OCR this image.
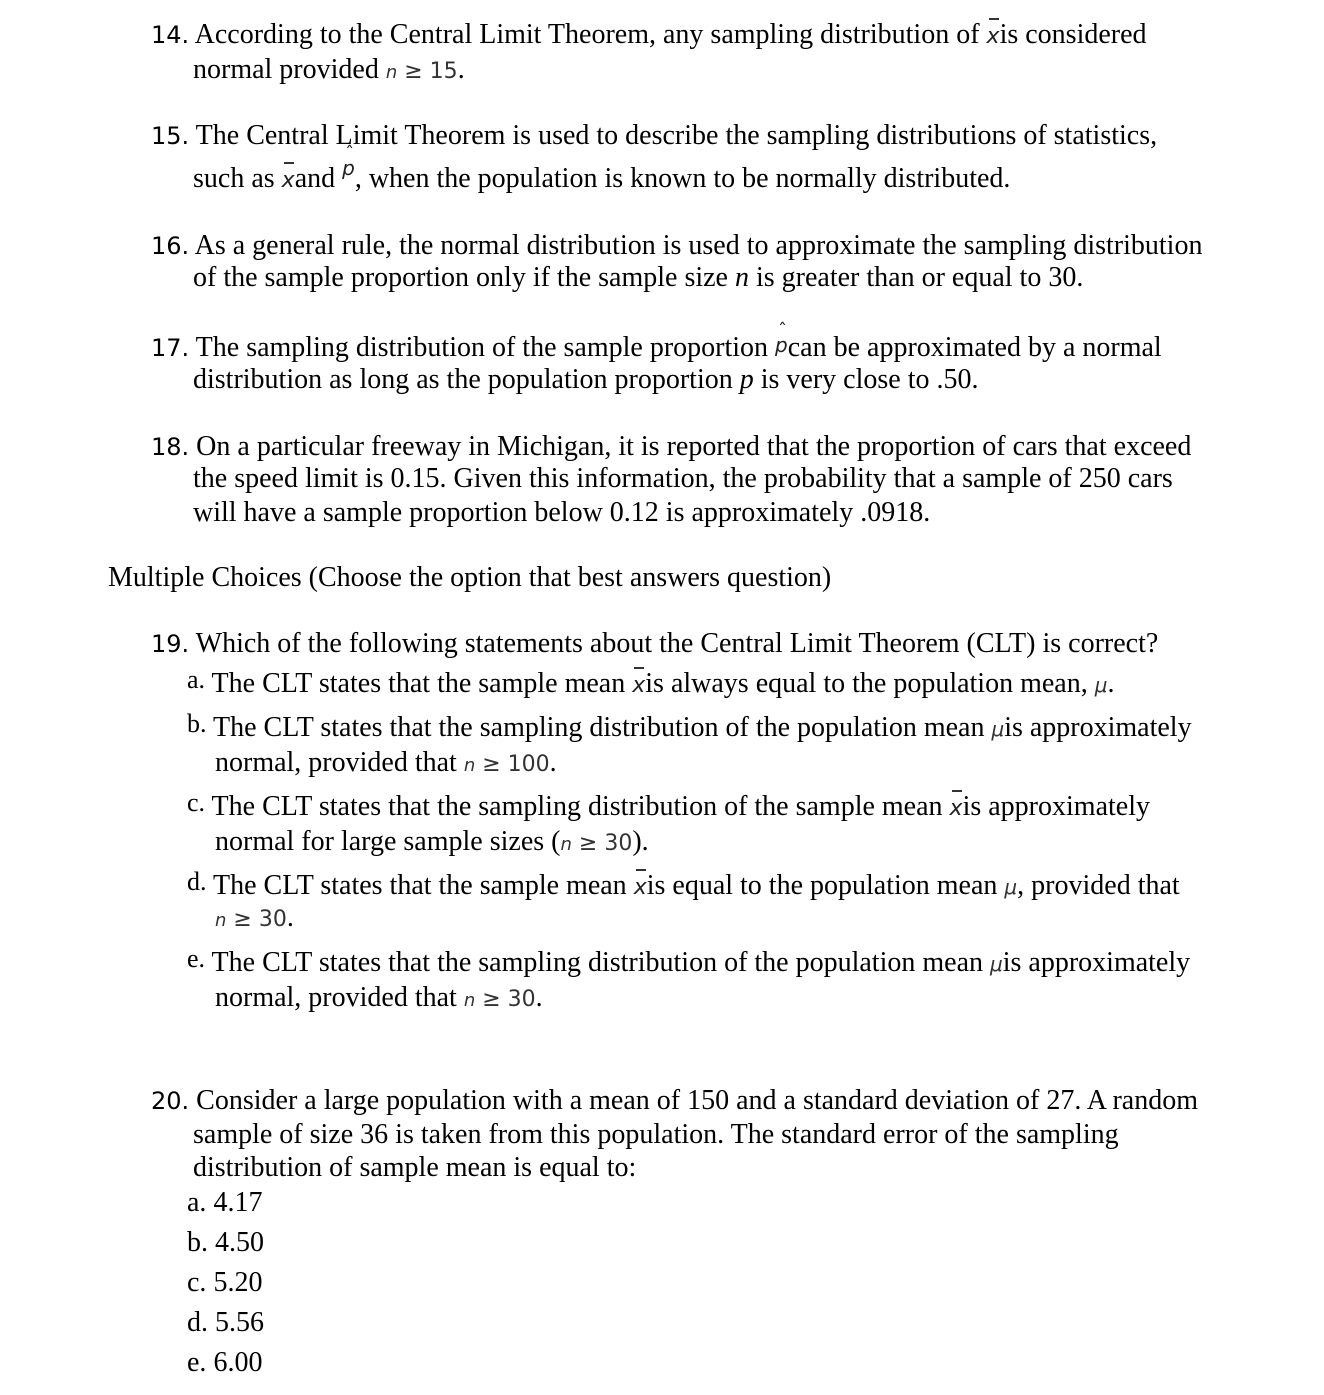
14. According to the Central Limit Theorem, any sampling distribution of xis considered
normal provided n ≥ 15.
15. The Central Limit Theorem is used to describe the sampling distributions of statistics,
such as xand ˆ p, when the population is known to be normally distributed.
16. As a general rule, the normal distribution is used to approximate the sampling distribution
of the sample proportion only if the sample size n is greater than or equal to 30.
17. The sampling distribution of the sample proportion ˆ pcan be approximated by a normal
distribution as long as the population proportion p is very close to .50.
18. On a particular freeway in Michigan, it is reported that the proportion of cars that exceed
the speed limit is 0.15. Given this information, the probability that a sample of 250 cars
will have a sample proportion below 0.12 is approximately .0918.
Multiple Choices (Choose the option that best answers question)
19. Which of the following statements about the Central Limit Theorem (CLT) is correct?
a. The CLT states that the sample mean xis always equal to the population mean, μ.
b. The CLT states that the sampling distribution of the population mean μis approximately
normal, provided that n ≥ 100.
c. The CLT states that the sampling distribution of the sample mean xis approximately
normal for large sample sizes (n ≥ 30).
d. The CLT states that the sample mean xis equal to the population mean μ, provided that
n ≥ 30.
e. The CLT states that the sampling distribution of the population mean μis approximately
normal, provided that n ≥ 30.
20. Consider a large population with a mean of 150 and a standard deviation of 27. A random
sample of size 36 is taken from this population. The standard error of the sampling
distribution of sample mean is equal to:
a. 4.17
b. 4.50
c. 5.20
d. 5.56
e. 6.00
